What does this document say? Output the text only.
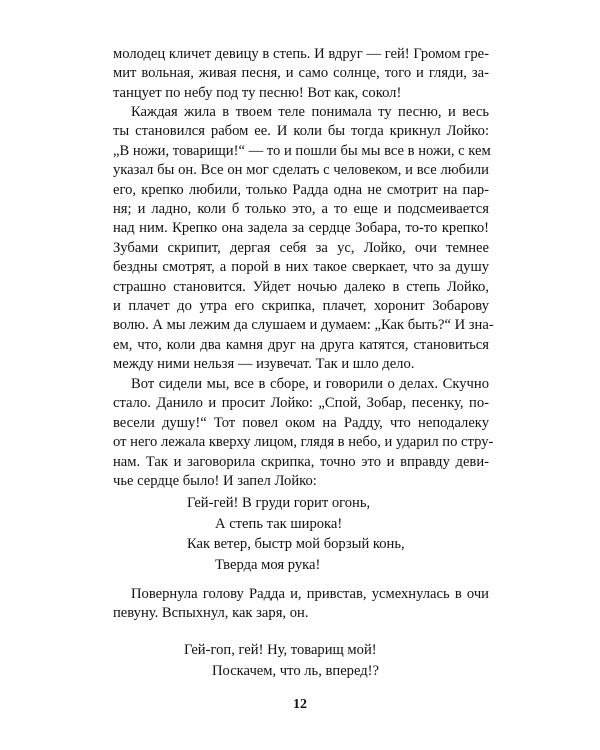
молодец кличет девицу в степь. И вдруг — гей! Громом гре-
мит вольная, живая песня, и само солнце, того и гляди, за-
танцует по небу под ту песню! Вот как, сокол!

Каждая жила в твоем теле понимала ту песню, и весь
ты становился рабом ее. И коли бы тогда крикнул Лойко:
„В ножи, товарищи!“ — то и пошли бы мы все в ножи, с кем
указал бы он. Все он мог сделать с человеком, и все любили
его, крепко любили, только Радда одна не смотрит на пар-
ня; и ладно, коли б только это, а то еще и подсмеивается
над ним. Крепко она задела за сердце Зобара, то-то крепко!
Зубами скрипит, дергая себя за ус, Лойко, очи темнее
бездны смотрят, а порой в них такое сверкает, что за душу
страшно становится. Уйдет ночью далеко в степь Лойко,
и плачет до утра его скрипка, плачет, хоронит Зобарову
волю. А мы лежим да слушаем и думаем: „Как быть?“ И зна-
ем, что, коли два камня друг на друга катятся, становиться
между ними нельзя — изувечат. Так и шло дело.

Вот сидели мы, все в сборе, и говорили о делах. Скучно
стало. Данило и просит Лойко: „Спой, Зобар, песенку, по-
весели душу!“ Тот повел оком на Радду, что неподалеку
от него лежала кверху лицом, глядя в небо, и ударил по стру-
нам. Так и заговорила скрипка, точно это и вправду деви-
чье сердце было! И запел Лойко:

Гей-гей! В груди горит огонь,
А степь так широка!
Как ветер, быстр мой борзый конь,
Тверда моя рука!

Повернула голову Радда и, привстав, усмехнулась в очи
певуну. Вспыхнул, как заря, он.

Гей-гоп, гей! Ну, товарищ мой!
Поскачем, что ль, вперед!?
12
